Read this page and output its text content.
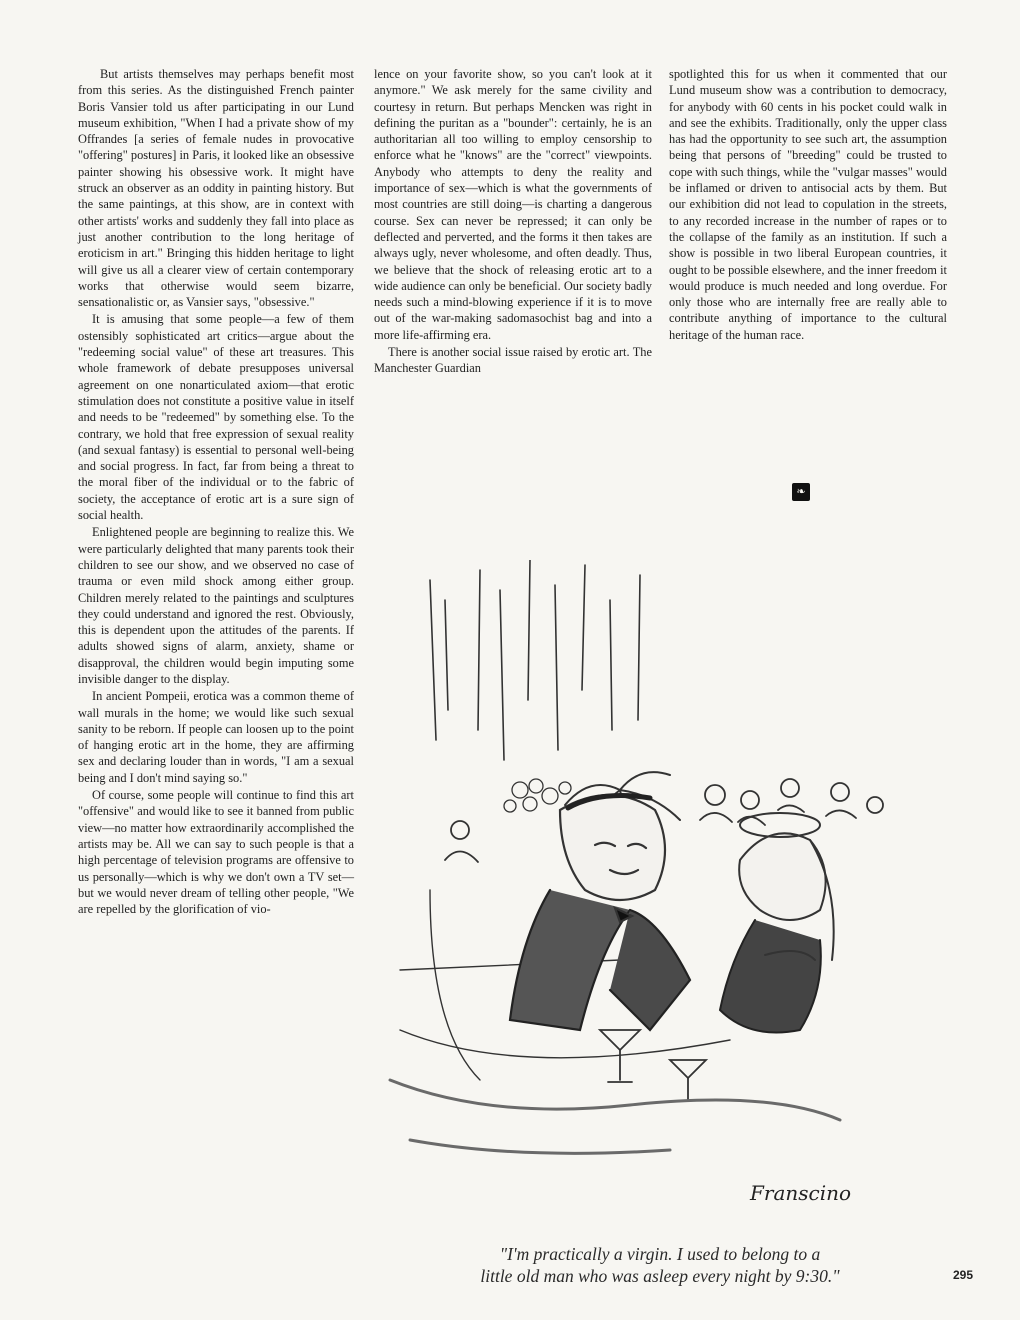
But artists themselves may perhaps benefit most from this series. As the distinguished French painter Boris Vansier told us after participating in our Lund museum exhibition, "When I had a private show of my Offrandes [a series of female nudes in provocative "offering" postures] in Paris, it looked like an obsessive painter showing his obsessive work. It might have struck an observer as an oddity in painting history. But the same paintings, at this show, are in context with other artists' works and suddenly they fall into place as just another contribution to the long heritage of eroticism in art." Bringing this hidden heritage to light will give us all a clearer view of certain contemporary works that otherwise would seem bizarre, sensationalistic or, as Vansier says, "obsessive."

It is amusing that some people—a few of them ostensibly sophisticated art critics—argue about the "redeeming social value" of these art treasures. This whole framework of debate presupposes universal agreement on one nonarticulated axiom—that erotic stimulation does not constitute a positive value in itself and needs to be "redeemed" by something else. To the contrary, we hold that free expression of sexual reality (and sexual fantasy) is essential to personal well-being and social progress. In fact, far from being a threat to the moral fiber of the individual or to the fabric of society, the acceptance of erotic art is a sure sign of social health.

Enlightened people are beginning to realize this. We were particularly delighted that many parents took their children to see our show, and we observed no case of trauma or even mild shock among either group. Children merely related to the paintings and sculptures they could understand and ignored the rest. Obviously, this is dependent upon the attitudes of the parents. If adults showed signs of alarm, anxiety, shame or disapproval, the children would begin imputing some invisible danger to the display.

In ancient Pompeii, erotica was a common theme of wall murals in the home; we would like such sexual sanity to be reborn. If people can loosen up to the point of hanging erotic art in the home, they are affirming sex and declaring louder than in words, "I am a sexual being and I don't mind saying so."

Of course, some people will continue to find this art "offensive" and would like to see it banned from public view—no matter how extraordinarily accomplished the artists may be. All we can say to such people is that a high percentage of television programs are offensive to us personally—which is why we don't own a TV set—but we would never dream of telling other people, "We are repelled by the glorification of vio-

lence on your favorite show, so you can't look at it anymore." We ask merely for the same civility and courtesy in return. But perhaps Mencken was right in defining the puritan as a "bounder": certainly, he is an authoritarian all too willing to employ censorship to enforce what he "knows" are the "correct" viewpoints. Anybody who attempts to deny the reality and importance of sex—which is what the governments of most countries are still doing—is charting a dangerous course. Sex can never be repressed; it can only be deflected and perverted, and the forms it then takes are always ugly, never wholesome, and often deadly. Thus, we believe that the shock of releasing erotic art to a wide audience can only be beneficial. Our society badly needs such a mind-blowing experience if it is to move out of the war-making sadomasochist bag and into a more life-affirming era.

There is another social issue raised by erotic art. The Manchester Guardian

spotlighted this for us when it commented that our Lund museum show was a contribution to democracy, for anybody with 60 cents in his pocket could walk in and see the exhibits. Traditionally, only the upper class has had the opportunity to see such art, the assumption being that persons of "breeding" could be trusted to cope with such things, while the "vulgar masses" would be inflamed or driven to antisocial acts by them. But our exhibition did not lead to copulation in the streets, to any recorded increase in the number of rapes or to the collapse of the family as an institution. If such a show is possible in two liberal European countries, it ought to be possible elsewhere, and the inner freedom it would produce is much needed and long overdue. For only those who are internally free are really able to contribute anything of importance to the cultural heritage of the human race.

❧
Franscino
"I'm practically a virgin. I used to belong to a
little old man who was asleep every night by 9:30."	295
